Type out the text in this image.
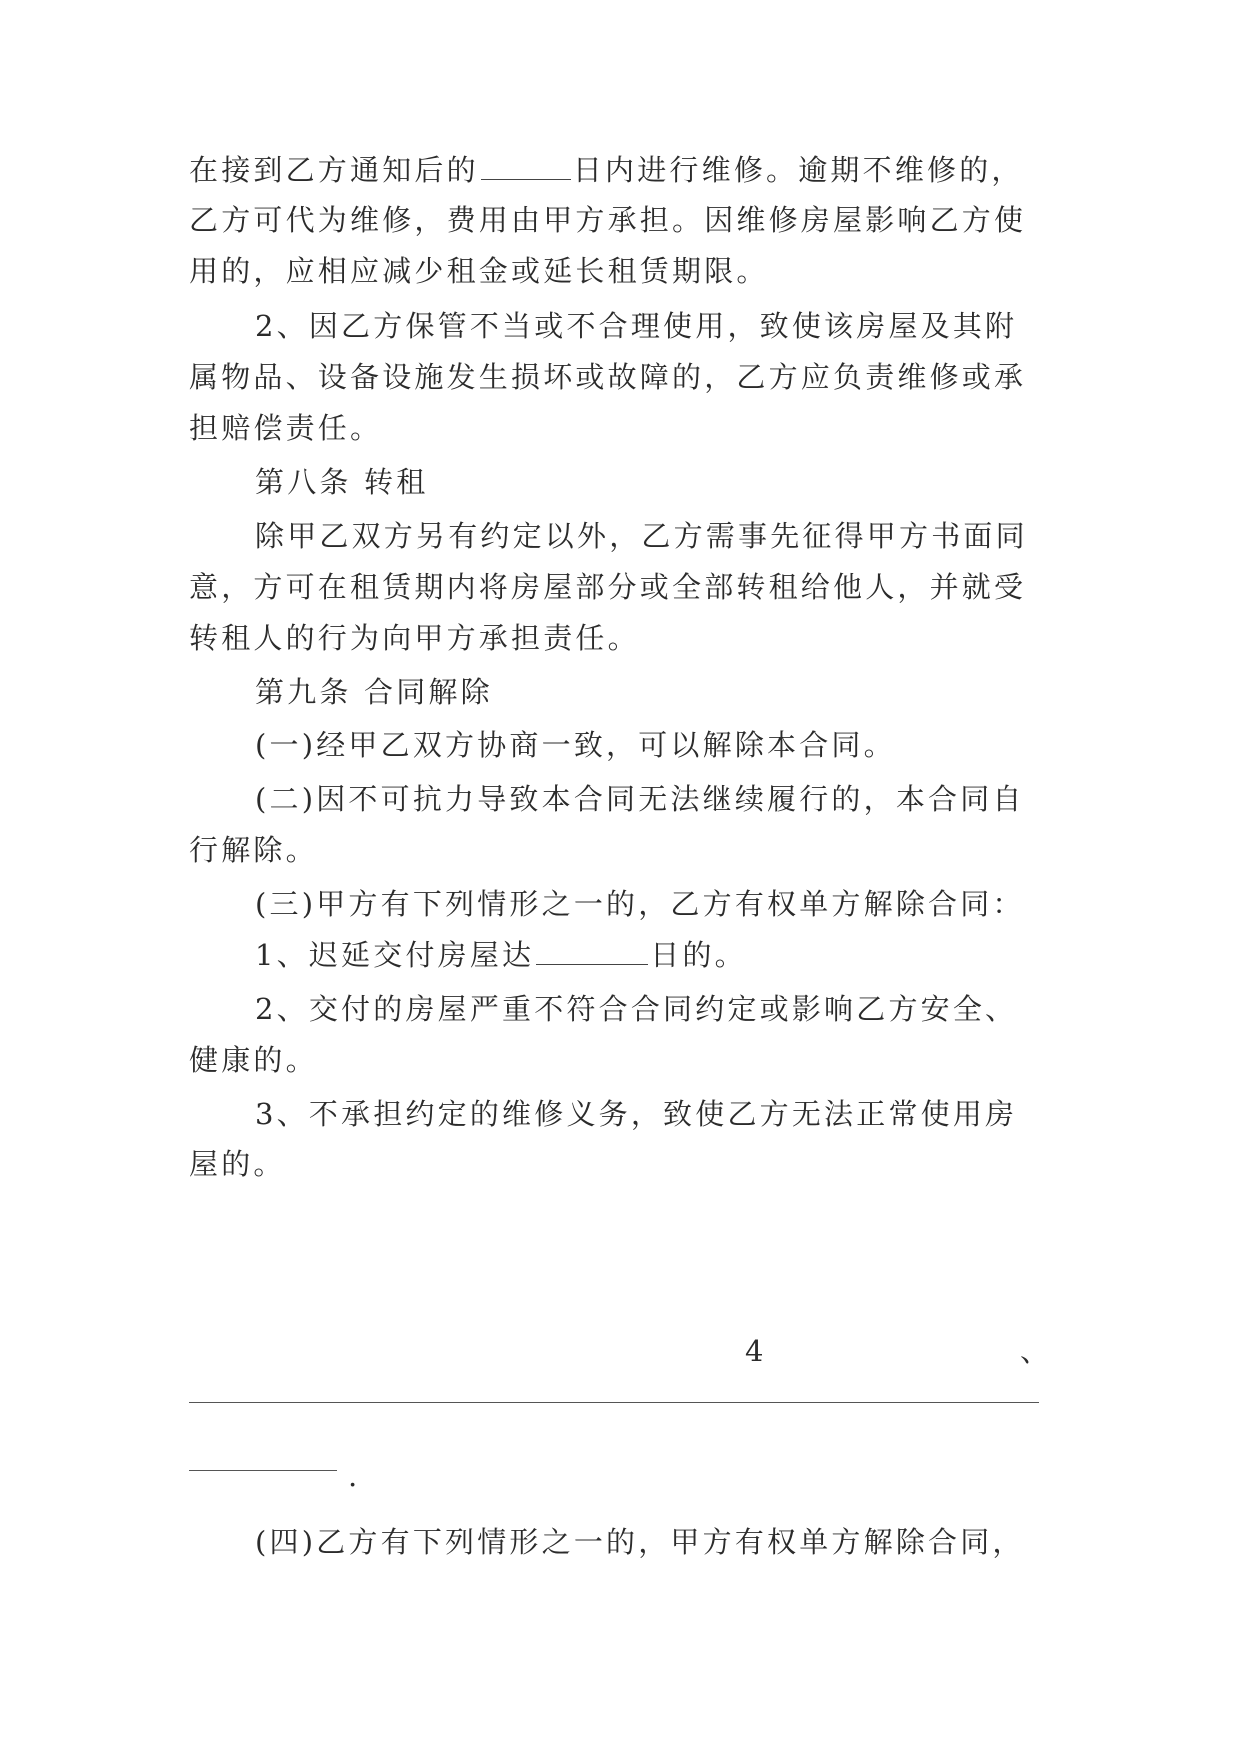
在接到乙方通知后的	日内进行维修。逾期不维修的，
乙方可代为维修，费用由甲方承担。因维修房屋影响乙方使
用的，应相应减少租金或延长租赁期限。
2、因乙方保管不当或不合理使用，致使该房屋及其附
属物品、设备设施发生损坏或故障的，乙方应负责维修或承
担赔偿责任。
第八条 转租
除甲乙双方另有约定以外，乙方需事先征得甲方书面同
意，方可在租赁期内将房屋部分或全部转租给他人，并就受
转租人的行为向甲方承担责任。
第九条 合同解除
(一)经甲乙双方协商一致，可以解除本合同。
(二)因不可抗力导致本合同无法继续履行的，本合同自
行解除。
(三)甲方有下列情形之一的，乙方有权单方解除合同：
1、迟延交付房屋达	日的。
2、交付的房屋严重不符合合同约定或影响乙方安全、
健康的。
3、不承担约定的维修义务，致使乙方无法正常使用房
屋的。
4	、
.
(四)乙方有下列情形之一的，甲方有权单方解除合同，
